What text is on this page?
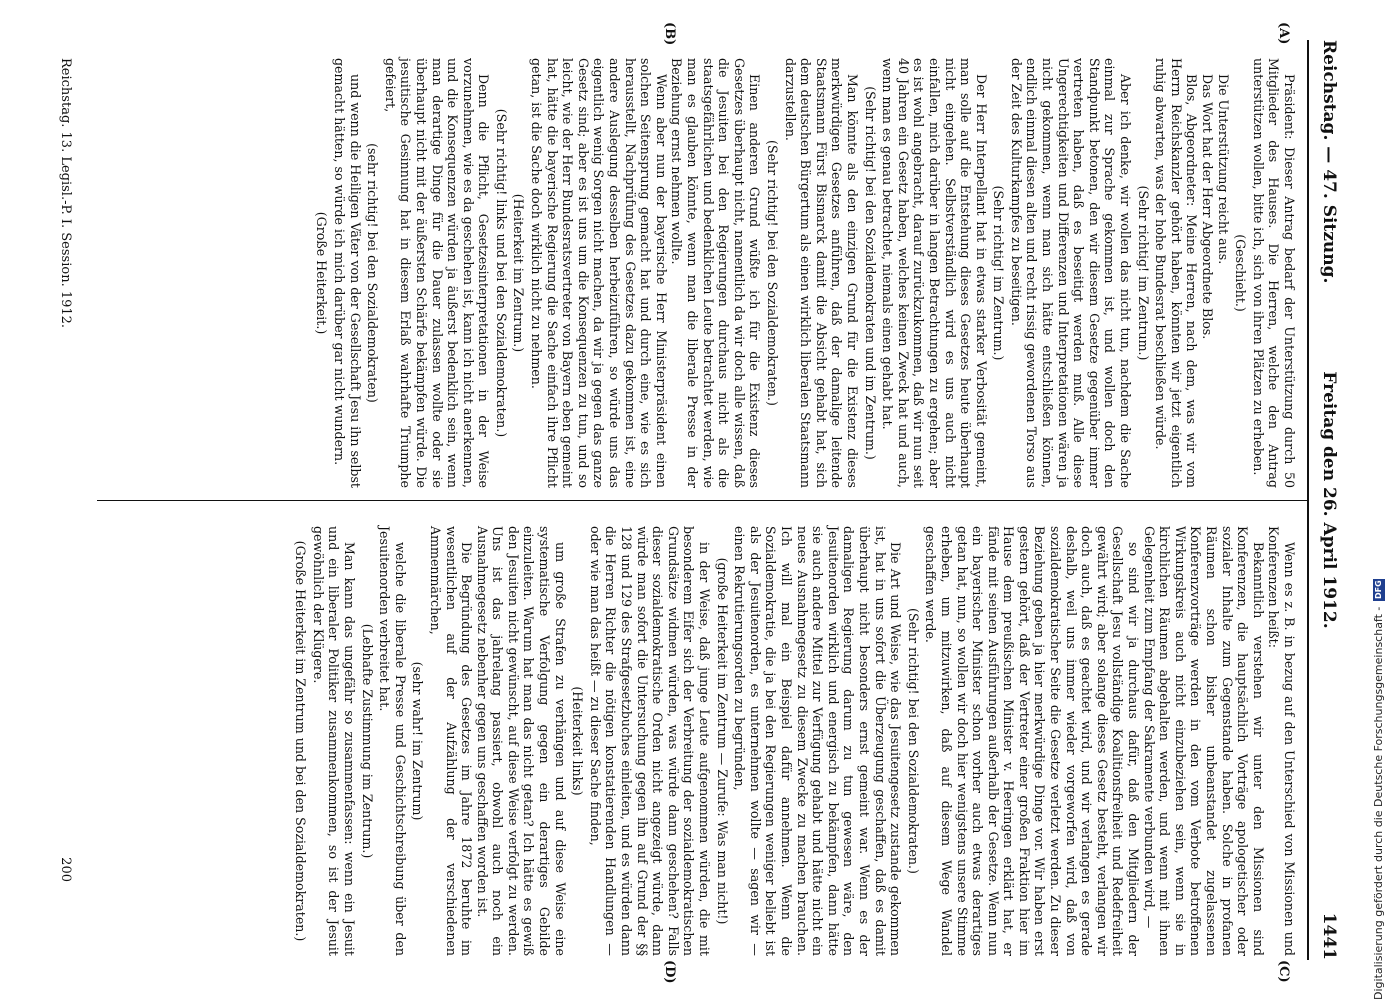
Reichstag. — 47. Sitzung.
Freitag den 26. April 1912.
1441
(A)
(B)
(C)
(D)

Präsident: Dieser Antrag bedarf der Unterstützung durch 50 Mitglieder des Hauses. Die Herren, welche den Antrag unterstützen wollen, bitte ich, sich von ihren Plätzen zu erheben.

(Geschieht.)

Die Unterstützung reicht aus.

Das Wort hat der Herr Abgeordnete Blos.

Blos, Abgeordneter: Meine Herren, nach dem, was wir vom Herrn Reichskanzler gehört haben, könnten wir jetzt eigentlich ruhig abwarten, was der hohe Bundesrat beschließen würde.

(Sehr richtig! im Zentrum.)

Aber ich denke, wir wollen das nicht tun, nachdem die Sache einmal zur Sprache gekommen ist, und wollen doch den Standpunkt betonen, den wir diesem Gesetze gegenüber immer vertreten haben, daß es beseitigt werden muß. Alle diese Ungerechtigkeiten und Differenzen und Interpretationen wären ja nicht gekommen, wenn man sich hätte entschließen können, endlich einmal diesen alten und recht rissig gewordenen Torso aus der Zeit des Kulturkampfes zu beseitigen.

(Sehr richtig! im Zentrum.)

Der Herr Interpellant hat in etwas starker Verbosität gemeint, man solle auf die Entstehung dieses Gesetzes heute überhaupt nicht eingehen. Selbstverständlich wird es uns auch nicht einfallen, mich darüber in langen Betrachtungen zu ergehen; aber es ist wohl angebracht, darauf zurückzukommen, daß wir nun seit 40 Jahren ein Gesetz haben, welches keinen Zweck hat und auch, wenn man es genau betrachtet, niemals einen gehabt hat.

(Sehr richtig! bei den Sozialdemokraten und im Zentrum.)

Man könnte als den einzigen Grund für die Existenz dieses merkwürdigen Gesetzes anführen, daß der damalige leitende Staatsmann Fürst Bismarck damit die Absicht gehabt hat, sich dem deutschen Bürgertum als einen wirklich liberalen Staatsmann darzustellen.

(Sehr richtig! bei den Sozialdemokraten.)

Einen anderen Grund wüßte ich für die Existenz dieses Gesetzes überhaupt nicht, namentlich da wir doch alle wissen, daß die Jesuiten bei den Regierungen durchaus nicht als die staatsgefährlichen und bedenklichen Leute betrachtet werden, wie man es glauben könnte, wenn man die liberale Presse in der Beziehung ernst nehmen wollte.

Wenn aber nun der bayerische Herr Ministerpräsident einen solchen Seitensprung gemacht hat und durch eine, wie es sich herausstellt, Nachprüfung des Gesetzes dazu gekommen ist, eine andere Auslegung desselben herbeizuführen, so würde uns das eigentlich wenig Sorgen nicht machen, da wir ja gegen das ganze Gesetz sind; aber es ist uns um die Konsequenzen zu tun, und so leicht, wie der Herr Bundesratsvertreter von Bayern eben gemeint hat, hätte die bayerische Regierung die Sache einfach ihre Pflicht getan, ist die Sache doch wirklich nicht zu nehmen.

(Heiterkeit im Zentrum.)

(Sehr richtig! links und bei den Sozialdemokraten.)

Denn die Pflicht, Gesetzesinterpretationen in der Weise vorzunehmen, wie es da geschehen ist, kann ich nicht anerkennen, und die Konsequenzen würden ja äußerst bedenklich sein, wenn man derartige Dinge für die Dauer zulassen wollte oder sie überhaupt nicht mit der äußersten Schärfe bekämpfen würde. Die jesuitische Gesinnung hat in diesem Erlaß wahrhafte Triumphe gefeiert,

(sehr richtig! bei den Sozialdemokraten)

und wenn die Heiligen Väter von der Gesellschaft Jesu ihn selbst gemacht hätten, so würde ich mich darüber gar nicht wundern.

(Große Heiterkeit.)

Wenn es z. B. in bezug auf den Unterschied von Missionen und Konferenzen heißt:

Bekanntlich verstehen wir unter den Missionen sind Konferenzen, die hauptsächlich Vorträge apologetischer oder sozialer Inhalte zum Gegenstande haben. Solche in profanen Räumen schon bisher unbeanstandet zugelassenen Konferenzvorträge werden in den vom Verbote betroffenen Wirkungskreis auch nicht einzubeziehen sein, wenn sie in kirchlichen Räumen abgehalten werden, und wenn mit ihnen Gelegenheit zum Empfang der Sakramente verbunden wird, —

so sind wir ja durchaus dafür, daß den Mitgliedern der Gesellschaft Jesu vollständige Koalitionsfreiheit und Redefreiheit gewährt wird; aber solange dieses Gesetz besteht, verlangen wir doch auch, daß es geachtet wird, und wir verlangen es gerade deshalb, weil uns immer wieder vorgeworfen wird, daß von sozialdemokratischer Seite die Gesetze verletzt werden. Zu dieser Beziehung geben ja hier merkwürdige Dinge vor. Wir haben erst gestern gehört, daß der Vertreter einer großen Fraktion hier im Hause dem preußischen Minister v. Heeringen erklärt hat, er fände mit seinen Ausführungen außerhalb der Gesetze. Wenn nun ein bayerischer Minister schon vorher auch etwas derartiges getan hat, nun, so wollen wir doch hier wenigstens unsere Stimme erheben, um mitzuwirken, daß auf diesem Wege Wandel geschaffen werde.

(Sehr richtig! bei den Sozialdemokraten.)

Die Art und Weise, wie das Jesuitengesetz zustande gekommen ist, hat in uns sofort die Überzeugung geschaffen, daß es damit überhaupt nicht besonders ernst gemeint war. Wenn es der damaligen Regierung darum zu tun gewesen wäre, den Jesuitenorden wirklich und energisch zu bekämpfen, dann hätte sie auch andere Mittel zur Verfügung gehabt und hätte nicht ein neues Ausnahmegesetz zu diesem Zwecke zu machen brauchen. Ich will mal ein Beispiel dafür annehmen. Wenn die Sozialdemokratie, die ja bei den Regierungen weniger beliebt ist als der Jesuitenorden, es unternehmen wollte — sagen wir — einen Rekrutierungsorden zu begründen,

(große Heiterkeit im Zentrum — Zurufe: Was man nicht!)

in der Weise, daß junge Leute aufgenommen würden, die mit besonderem Eifer sich der Verbreitung der sozialdemokratischen Grundsätze widmen würden, was würde dann geschehen? Falls dieser sozialdemokratische Orden nicht angezeigt würde, dann würde man sofort die Untersuchung gegen ihn auf Grund der §§ 128 und 129 des Strafgesetzbuches einleiten, und es würden dann die Herren Richter die nötigen konstatierenden Handlungen — oder wie man das heißt — zu dieser Sache finden,

(Heiterkeit links)

um große Strafen zu verhängen und auf diese Weise eine systematische Verfolgung gegen ein derartiges Gebilde einzuleiten. Warum hat man das nicht getan? Ich hätte es gewiß den Jesuiten nicht gewünscht, auf diese Weise verfolgt zu werden. Uns ist das jahrelang passiert, obwohl auch noch ein Ausnahmegesetz nebenher gegen uns geschaffen worden ist.

Die Begründung des Gesetzes im Jahre 1872 beruhte im wesentlichen auf der Aufzählung der verschiedenen Ammenmärchen,

(sehr wahr! im Zentrum)

welche die liberale Presse und Geschichtschreibung über den Jesuitenorden verbreitet hat.

(Lebhafte Zustimmung im Zentrum.)

Man kann das ungefähr so zusammenfassen: wenn ein Jesuit und ein liberaler Politiker zusammenkommen, so ist der Jesuit gewöhnlich der Klügere.

(Große Heiterkeit im Zentrum und bei den Sozialdemokraten.)

Reichstag. 13. Legisl.-P. I. Session. 1912.
200	Digitalisierung gefördert durch die Deutsche Forschungsgemeinschaft -
DFG
